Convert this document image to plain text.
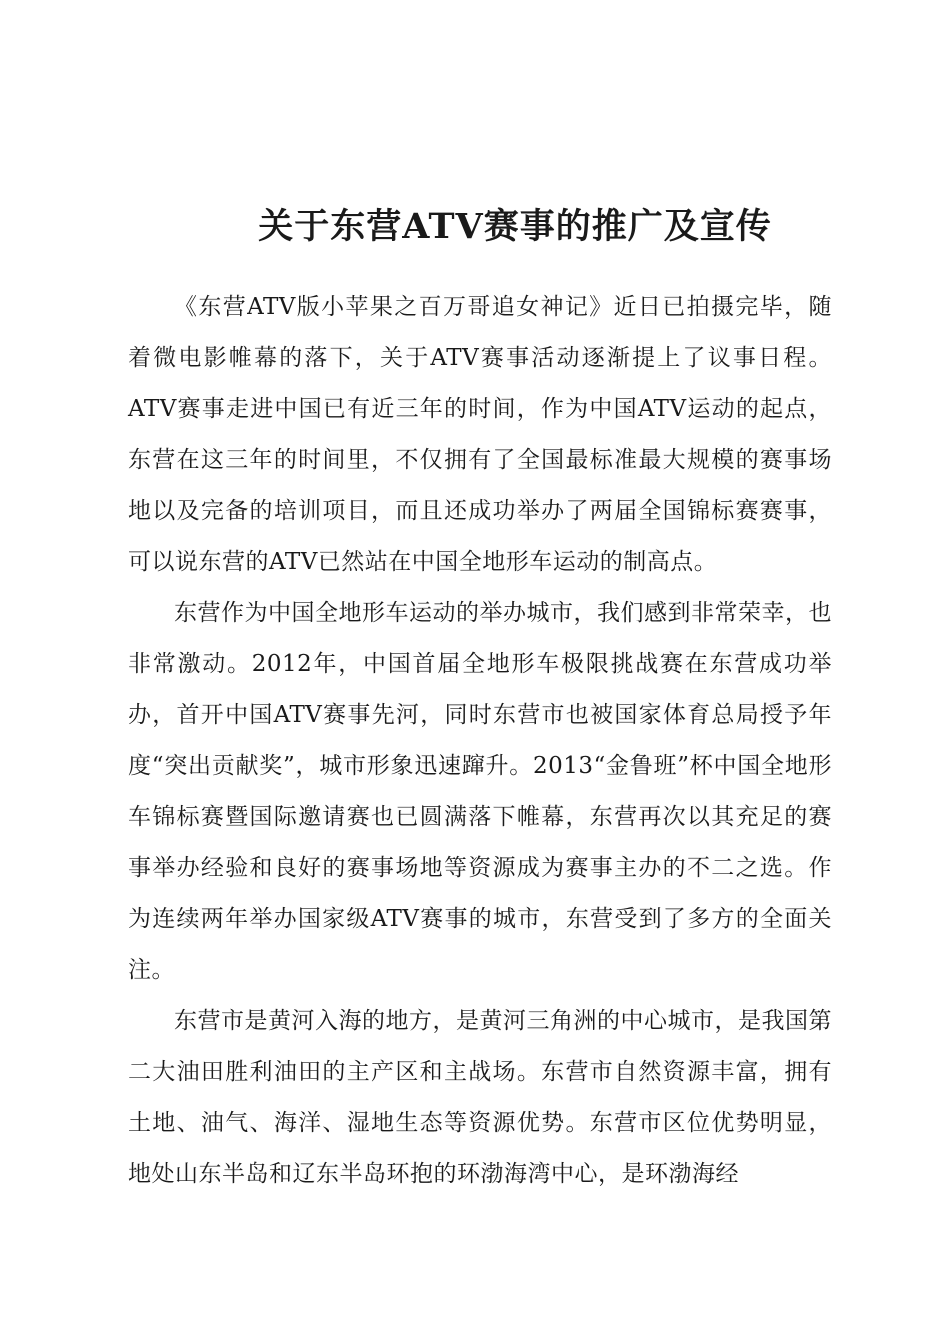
关于东营ATV赛事的推广及宣传

《东营ATV版小苹果之百万哥追女神记》近日已拍摄完毕，随着微电影帷幕的落下，关于ATV赛事活动逐渐提上了议事日程。ATV赛事走进中国已有近三年的时间，作为中国ATV运动的起点，东营在这三年的时间里，不仅拥有了全国最标准最大规模的赛事场地以及完备的培训项目，而且还成功举办了两届全国锦标赛赛事，可以说东营的ATV已然站在中国全地形车运动的制高点。

东营作为中国全地形车运动的举办城市，我们感到非常荣幸，也非常激动。2012年，中国首届全地形车极限挑战赛在东营成功举办，首开中国ATV赛事先河，同时东营市也被国家体育总局授予年度“突出贡献奖”，城市形象迅速蹿升。2013“金鲁班”杯中国全地形车锦标赛暨国际邀请赛也已圆满落下帷幕，东营再次以其充足的赛事举办经验和良好的赛事场地等资源成为赛事主办的不二之选。作为连续两年举办国家级ATV赛事的城市，东营受到了多方的全面关注。

东营市是黄河入海的地方，是黄河三角洲的中心城市，是我国第二大油田胜利油田的主产区和主战场。东营市自然资源丰富，拥有土地、油气、海洋、湿地生态等资源优势。东营市区位优势明显，地处山东半岛和辽东半岛环抱的环渤海湾中心，是环渤海经
